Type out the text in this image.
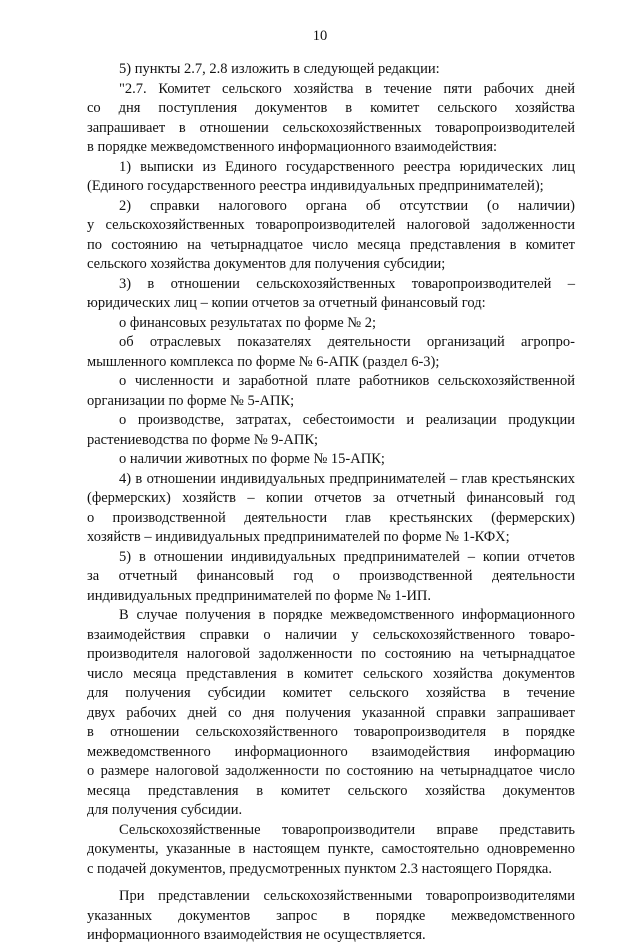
10
5) пункты 2.7, 2.8 изложить в следующей редакции:
"2.7. Комитет сельского хозяйства в течение пяти рабочих дней
со дня поступления документов в комитет сельского хозяйства
запрашивает в отношении сельскохозяйственных товаропроизводителей
в порядке межведомственного информационного взаимодействия:
1) выписки из Единого государственного реестра юридических лиц
(Единого государственного реестра индивидуальных предпринимателей);
2) справки налогового органа об отсутствии (о наличии)
у сельскохозяйственных товаропроизводителей налоговой задолженности
по состоянию на четырнадцатое число месяца представления в комитет
сельского хозяйства документов для получения субсидии;
3) в отношении сельскохозяйственных товаропроизводителей –
юридических лиц – копии отчетов за отчетный финансовый год:
о финансовых результатах по форме № 2;
об отраслевых показателях деятельности организаций агропро-
мышленного комплекса по форме № 6-АПК (раздел 6-3);
о численности и заработной плате работников сельскохозяйственной
организации по форме № 5-АПК;
о производстве, затратах, себестоимости и реализации продукции
растениеводства по форме № 9-АПК;
о наличии животных по форме № 15-АПК;
4) в отношении индивидуальных предпринимателей – глав крестьянских
(фермерских) хозяйств – копии отчетов за отчетный финансовый год
о производственной деятельности глав крестьянских (фермерских)
хозяйств – индивидуальных предпринимателей по форме № 1-КФХ;
5) в отношении индивидуальных предпринимателей – копии отчетов
за отчетный финансовый год о производственной деятельности
индивидуальных предпринимателей по форме № 1-ИП.
В случае получения в порядке межведомственного информационного
взаимодействия справки о наличии у сельскохозяйственного товаро-
производителя налоговой задолженности по состоянию на четырнадцатое
число месяца представления в комитет сельского хозяйства документов
для получения субсидии комитет сельского хозяйства в течение
двух рабочих дней со дня получения указанной справки запрашивает
в отношении сельскохозяйственного товаропроизводителя в порядке
межведомственного информационного взаимодействия информацию
о размере налоговой задолженности по состоянию на четырнадцатое число
месяца представления в комитет сельского хозяйства документов
для получения субсидии.
Сельскохозяйственные товаропроизводители вправе представить
документы, указанные в настоящем пункте, самостоятельно одновременно
с подачей документов, предусмотренных пунктом 2.3 настоящего Порядка.
При представлении сельскохозяйственными товаропроизводителями
указанных документов запрос в порядке межведомственного
информационного взаимодействия не осуществляется.
